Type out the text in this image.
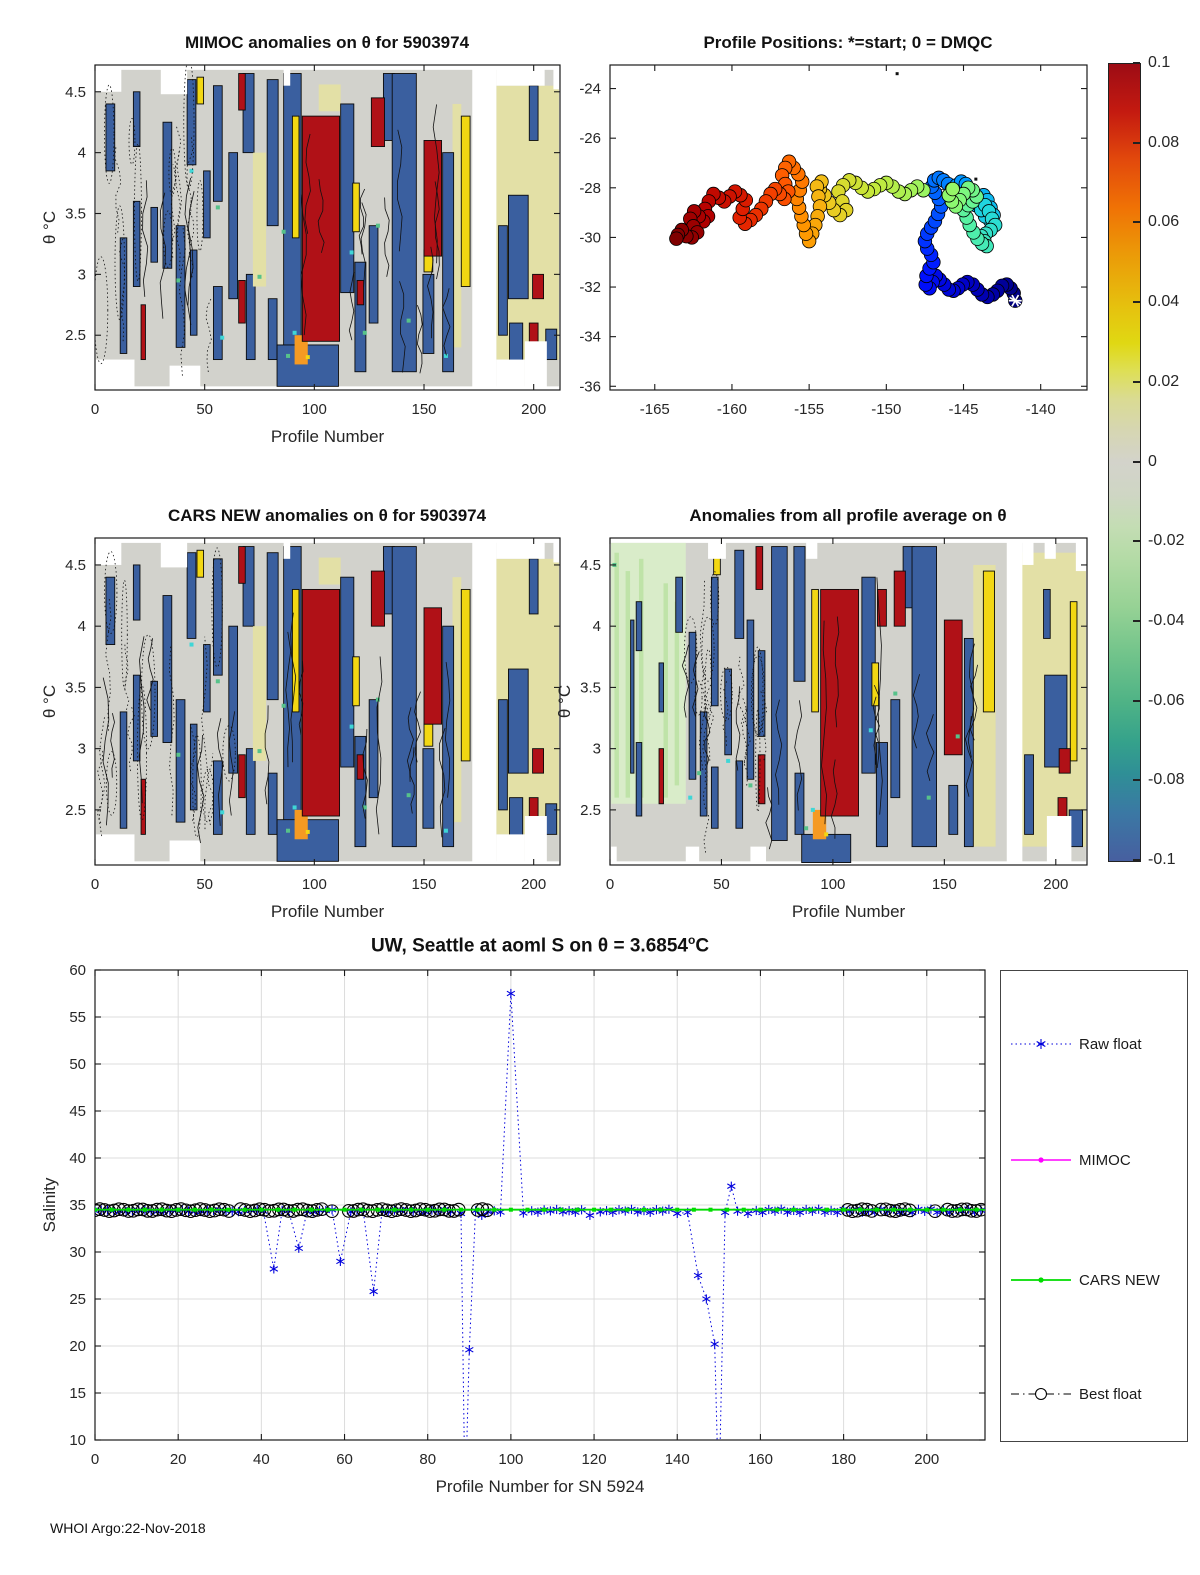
MIMOC anomalies on θ for 5903974	Profile Positions: *=start; 0 = DMQC
CARS NEW anomalies on θ for 5903974	Anomalies from all profile average on θ
UW, Seattle at aoml S on $\theta = 3.6854^oC$
0	50	100	150	200
2.5
3
3.5
4
4.5
Profile Number
θ °C
-165	-160	-155	-150	-145	-140
-24
-26
-28
-30
-32
-34
-36
0	50	100	150	200
2.5
3
3.5
4
4.5
Profile Number
θ °C
0	50	100	150	200
2.5
3
3.5
4
4.5
Profile Number
θ °C
0	20	40	60	80	100	120	140	160	180	200
10
15
20
25
30
35
40
45
50
55
60
Profile Number for SN 5924
Salinity
0.1
0.08
0.06
0.04
0.02
0
-0.02
-0.04
-0.06
-0.08
-0.1
Raw float
MIMOC
CARS NEW
Best float
WHOI Argo:22-Nov-2018
